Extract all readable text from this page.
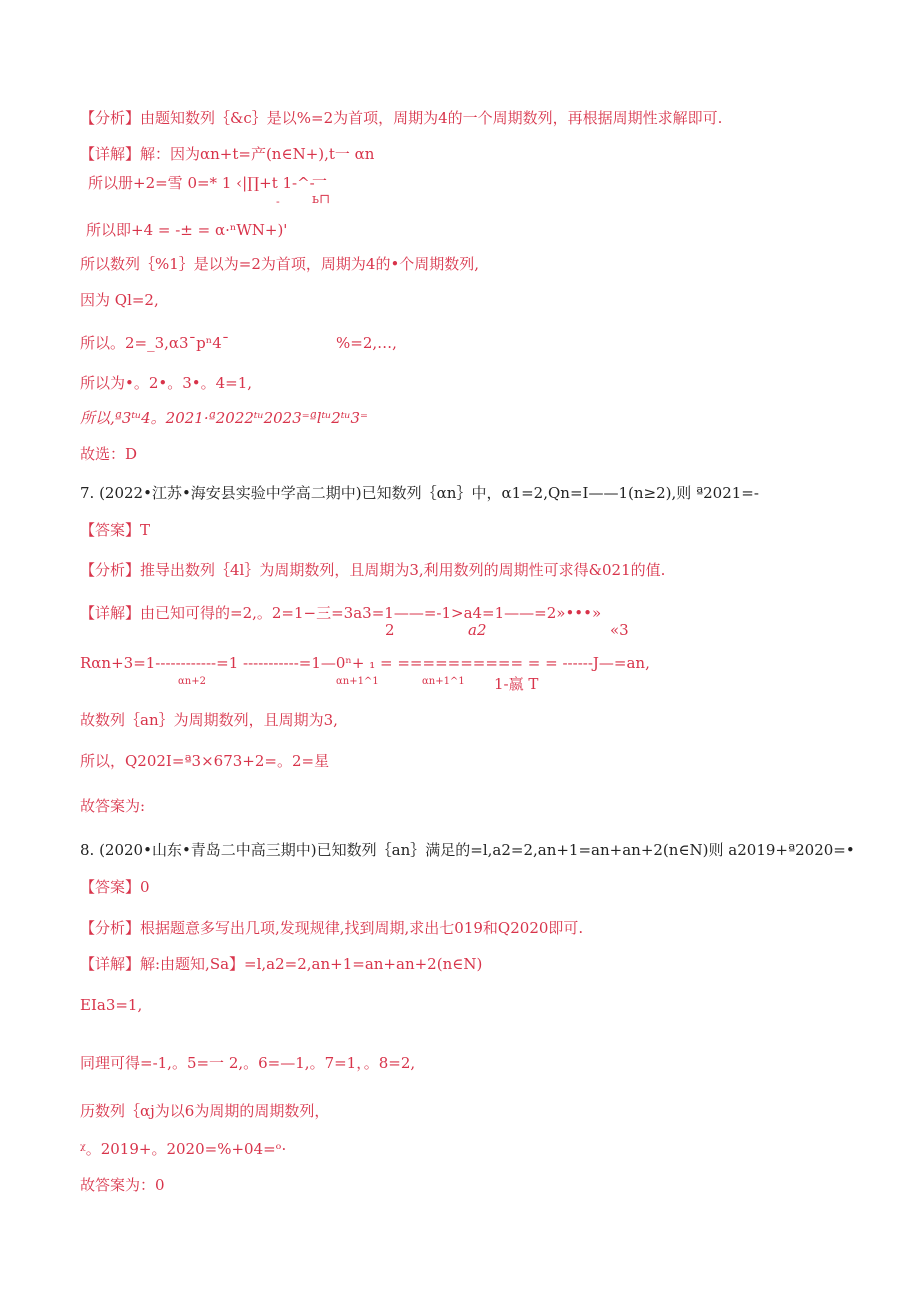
【分析】由题知数列｛&c｝是以%=2为首项，周期为4的一个周期数列，再根据周期性求解即可.
【详解】解：因为αn+t=产(n∈N+),t一 αn
所以册+2=雪 0=* 1 ‹|∏+t 1-^-
一
- ь⊓
所以即+4 = -± = α·ⁿWN+)'
所以数列｛%1｝是以为=2为首项，周期为4的•个周期数列,
因为 Ql=2,
所以。2=_3,α3¯pⁿ4¯	%=2,…,
所以为•。2•。3•。4=1,
所以,ª3ᵗᵘ4。2021·ª2022ᵗᵘ2023⁼ªlᵗᵘ2ᵗᵘ3⁼
故选：D
7. (2022•江苏•海安县实验中学高二期中)已知数列｛αn｝中，α1=2,Qn=I——1(n≥2),则 ª2021=-
【答案】T
【分析】推导出数列｛4l｝为周期数列，且周期为3,利用数列的周期性可求得&021的值.
【详解】由已知可得的=2,。2=1−三=3a3=1——=-1>a4=1——=2»•••»
2	a2	«3
Rαn+3=1------------=1 -----------=1—0ⁿ+ ₁ = ========== = = ------J—=an,
αn+2	αn+1^1	αn+1^1 1-嬴 T
故数列｛an｝为周期数列，且周期为3,
所以，Q202I=ª3×673+2=。2=星
故答案为:
8. (2020•山东•青岛二中高三期中)已知数列｛an｝满足的=l,a2=2,an+1=an+an+2(n∈N)则 a2019+ª2020=•
【答案】0
【分析】根据题意多写出几项,发现规律,找到周期,求出七019和Q2020即可.
【详解】解:由题知,Sa】=l,a2=2,an+1=an+an+2(n∈N)
EIa3=1,
同理可得=-1,。5=一 2,。6=—1,。7=1，。8=2,
历数列｛αj为以6为周期的周期数列，
ᵡ。2019+。2020=%+04=ᵒ·
故答案为：0
